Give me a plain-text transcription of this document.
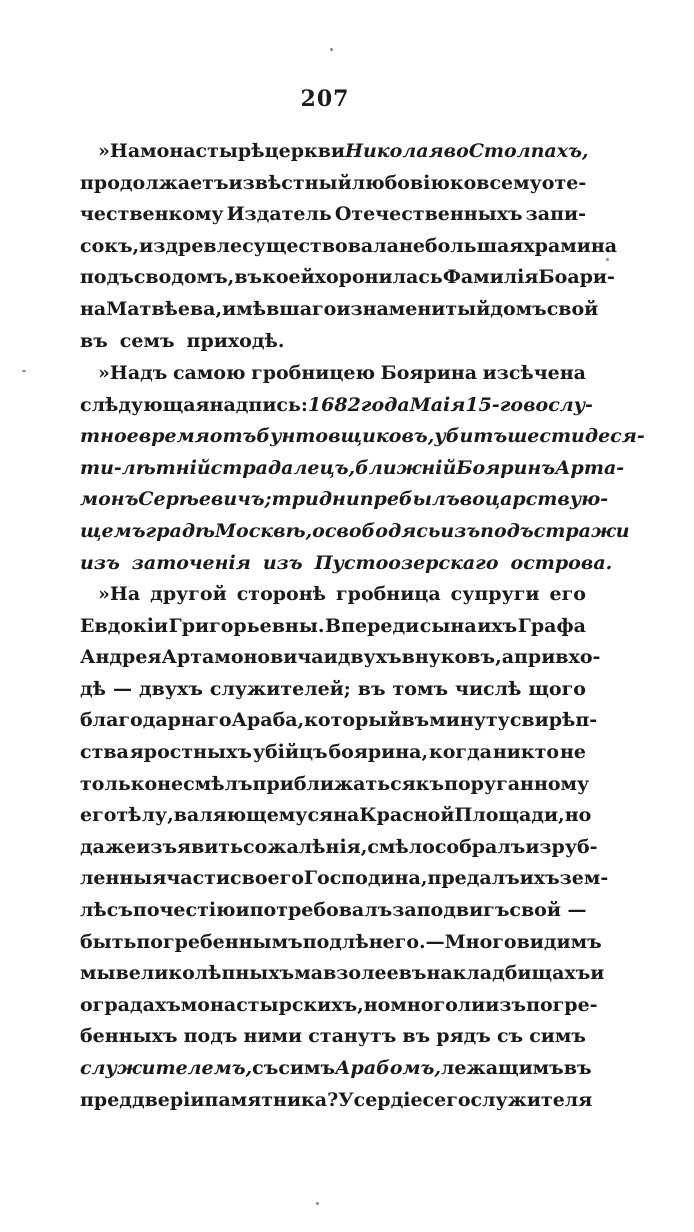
207
»На монастырѣ церкви Николая во Столпахъ,
продолжаетъ извѣстный любовію ко всему оте-
чественкому Издатель Отечественныхъ запи-
сокъ, издревле существовала небольшая храмина
подъ сводомъ, въ коей хоронилась Фамилія Боари-
на Матвѣева, имѣвшаго и знаменитый домъ свой
въ семъ приходѣ.
»Надъ самою гробницею Боярина изсѣчена
слѣдующая надпись: 1682 года Маія 15-го во слу-
тное время отъ бунтовщиковъ, убитъ шестидеся-
ти-лѣтній страдалецъ, ближній Бояринъ Арта-
монъ Серѣевичъ; три дни пребылъ во царствую-
щемъ градѣ Москвѣ, освободясь изъ подъ стражи
изъ заточенія изъ Пустоозерскаго острова.
»На другой сторонѣ гробница супруги его
Евдокіи Григорьевны. Впереди сына ихъ Графа
Андрея Артамоновича и двухъ внуковъ, а при вхо-
дѣ — двухъ служителей; въ томъ числѣ щого
благодарнаго Араба, который въ минуту свирѣп-
ства яростныхъ убійцъ боярина, когда никто не
только не смѣлъ приближаться къ поруганному
его тѣлу, валяющемуся на Красной Площади, но
даже изъявить сожалѣнія, смѣло собралъ изруб-
ленныя части своего Господина, предалъ ихъ зем-
лѣ съ почестію и потребовалъ за подвигъ свой —
быть погребеннымъ подлѣ него.— Много видимъ
мы великолѣпныхъ мавзолеевъ на кладбищахъ и
оградахъ монастырскихъ, но много ли изъ погре-
бенныхъ подъ ними станутъ въ рядъ съ симъ
служителемъ, съ симъ Арабомъ, лежащимъ въ
преддверіи памятника? Усердіе сего служителя
